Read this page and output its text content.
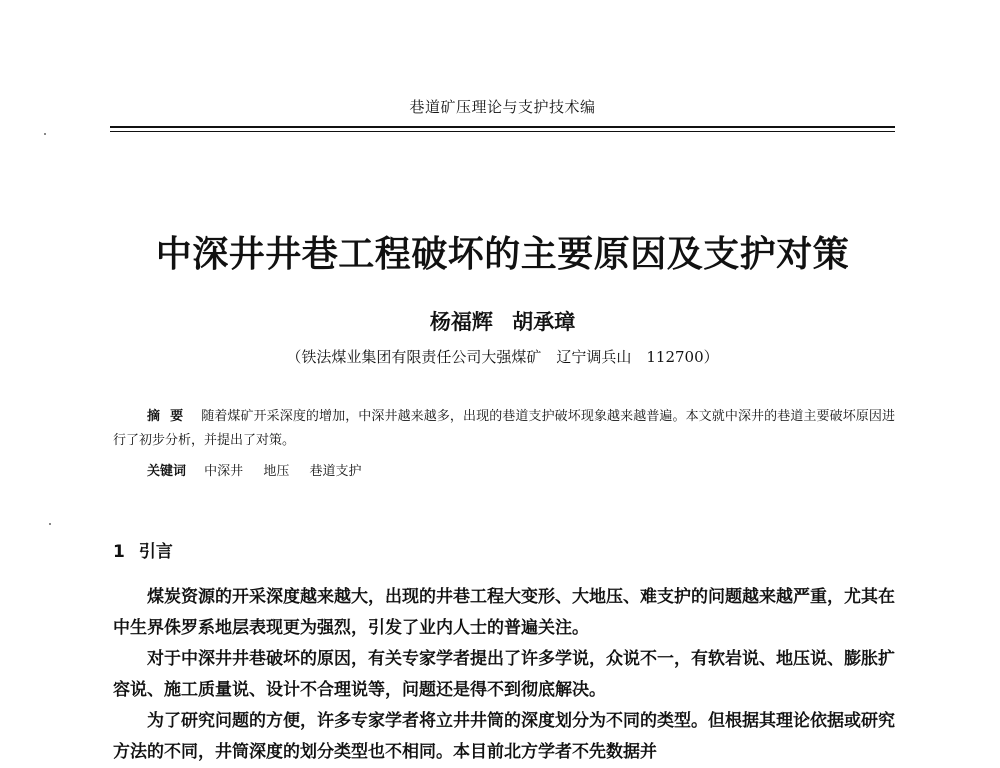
巷道矿压理论与支护技术编
中深井井巷工程破坏的主要原因及支护对策
杨福辉 胡承璋
（铁法煤业集团有限责任公司大强煤矿　辽宁调兵山　112700）
摘要 随着煤矿开采深度的增加，中深井越来越多，出现的巷道支护破坏现象越来越普遍。本文就中深井的巷道主要破坏原因进行了初步分析，并提出了对策。
关键词 中深井 地压 巷道支护
1 引言

煤炭资源的开采深度越来越大，出现的井巷工程大变形、大地压、难支护的问题越来越严重，尤其在中生界侏罗系地层表现更为强烈，引发了业内人士的普遍关注。

对于中深井井巷破坏的原因，有关专家学者提出了许多学说，众说不一，有软岩说、地压说、膨胀扩容说、施工质量说、设计不合理说等，问题还是得不到彻底解决。

为了研究问题的方便，许多专家学者将立井井筒的深度划分为不同的类型。但根据其理论依据或研究方法的不同，井筒深度的划分类型也不相同。本目前北方学者不先数据并
